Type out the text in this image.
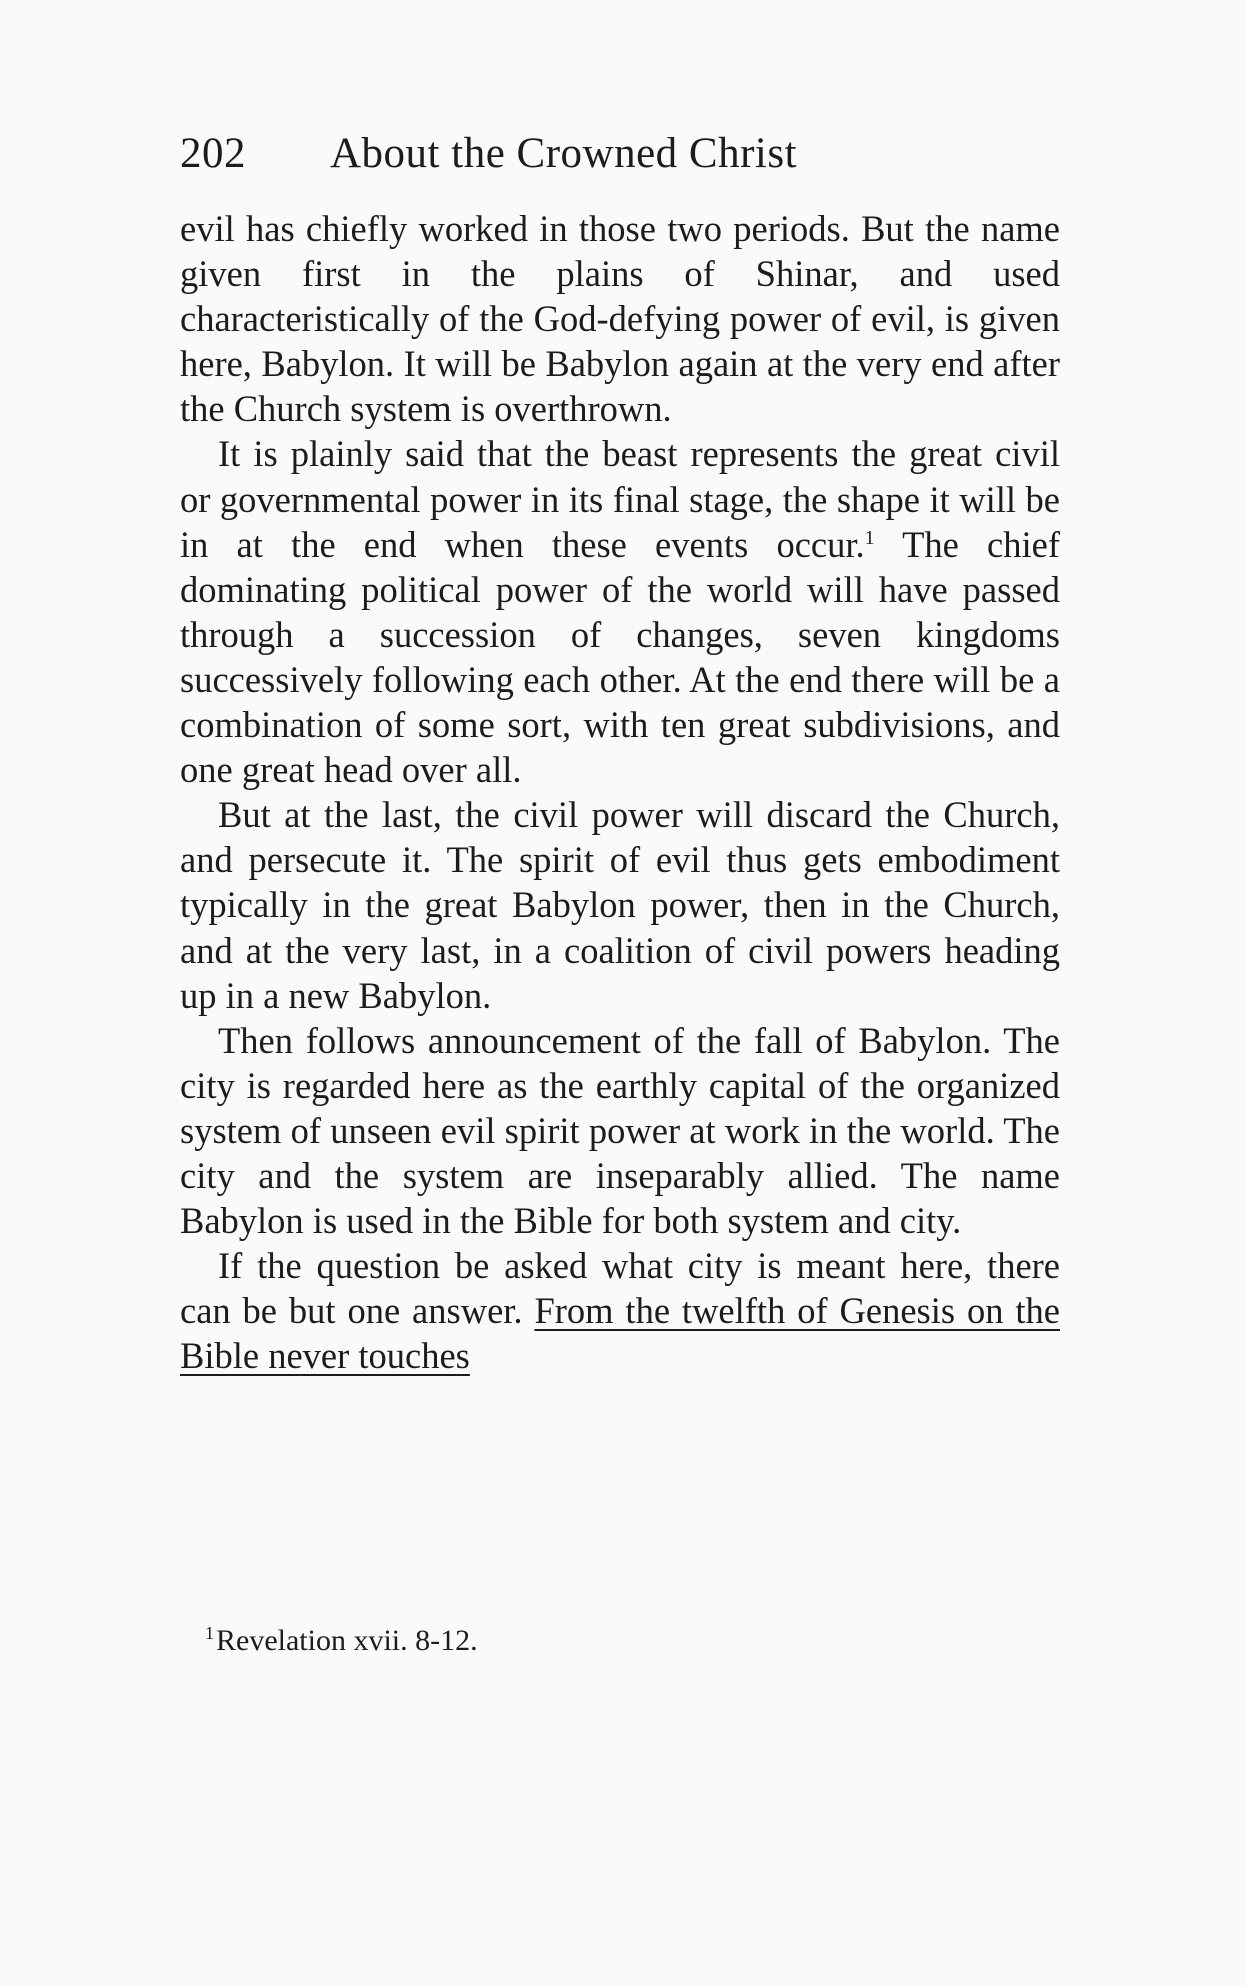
202 About the Crowned Christ

evil has chiefly worked in those two periods. But the name given first in the plains of Shinar, and used characteristically of the God-defying power of evil, is given here, Babylon. It will be Babylon again at the very end after the Church system is overthrown.

It is plainly said that the beast represents the great civil or governmental power in its final stage, the shape it will be in at the end when these events occur.$^1$ The chief dominating political power of the world will have passed through a succession of changes, seven kingdoms successively following each other. At the end there will be a combination of some sort, with ten great subdivisions, and one great head over all.

But at the last, the civil power will discard the Church, and persecute it. The spirit of evil thus gets embodiment typically in the great Babylon power, then in the Church, and at the very last, in a coalition of civil powers heading up in a new Babylon.

Then follows announcement of the fall of Babylon. The city is regarded here as the earthly capital of the organized system of unseen evil spirit power at work in the world. The city and the system are inseparably allied. The name Babylon is used in the Bible for both system and city.

If the question be asked what city is meant here, there can be but one answer. From the twelfth of Genesis on the Bible never touches

$^1$Revelation xvii. 8-12.
